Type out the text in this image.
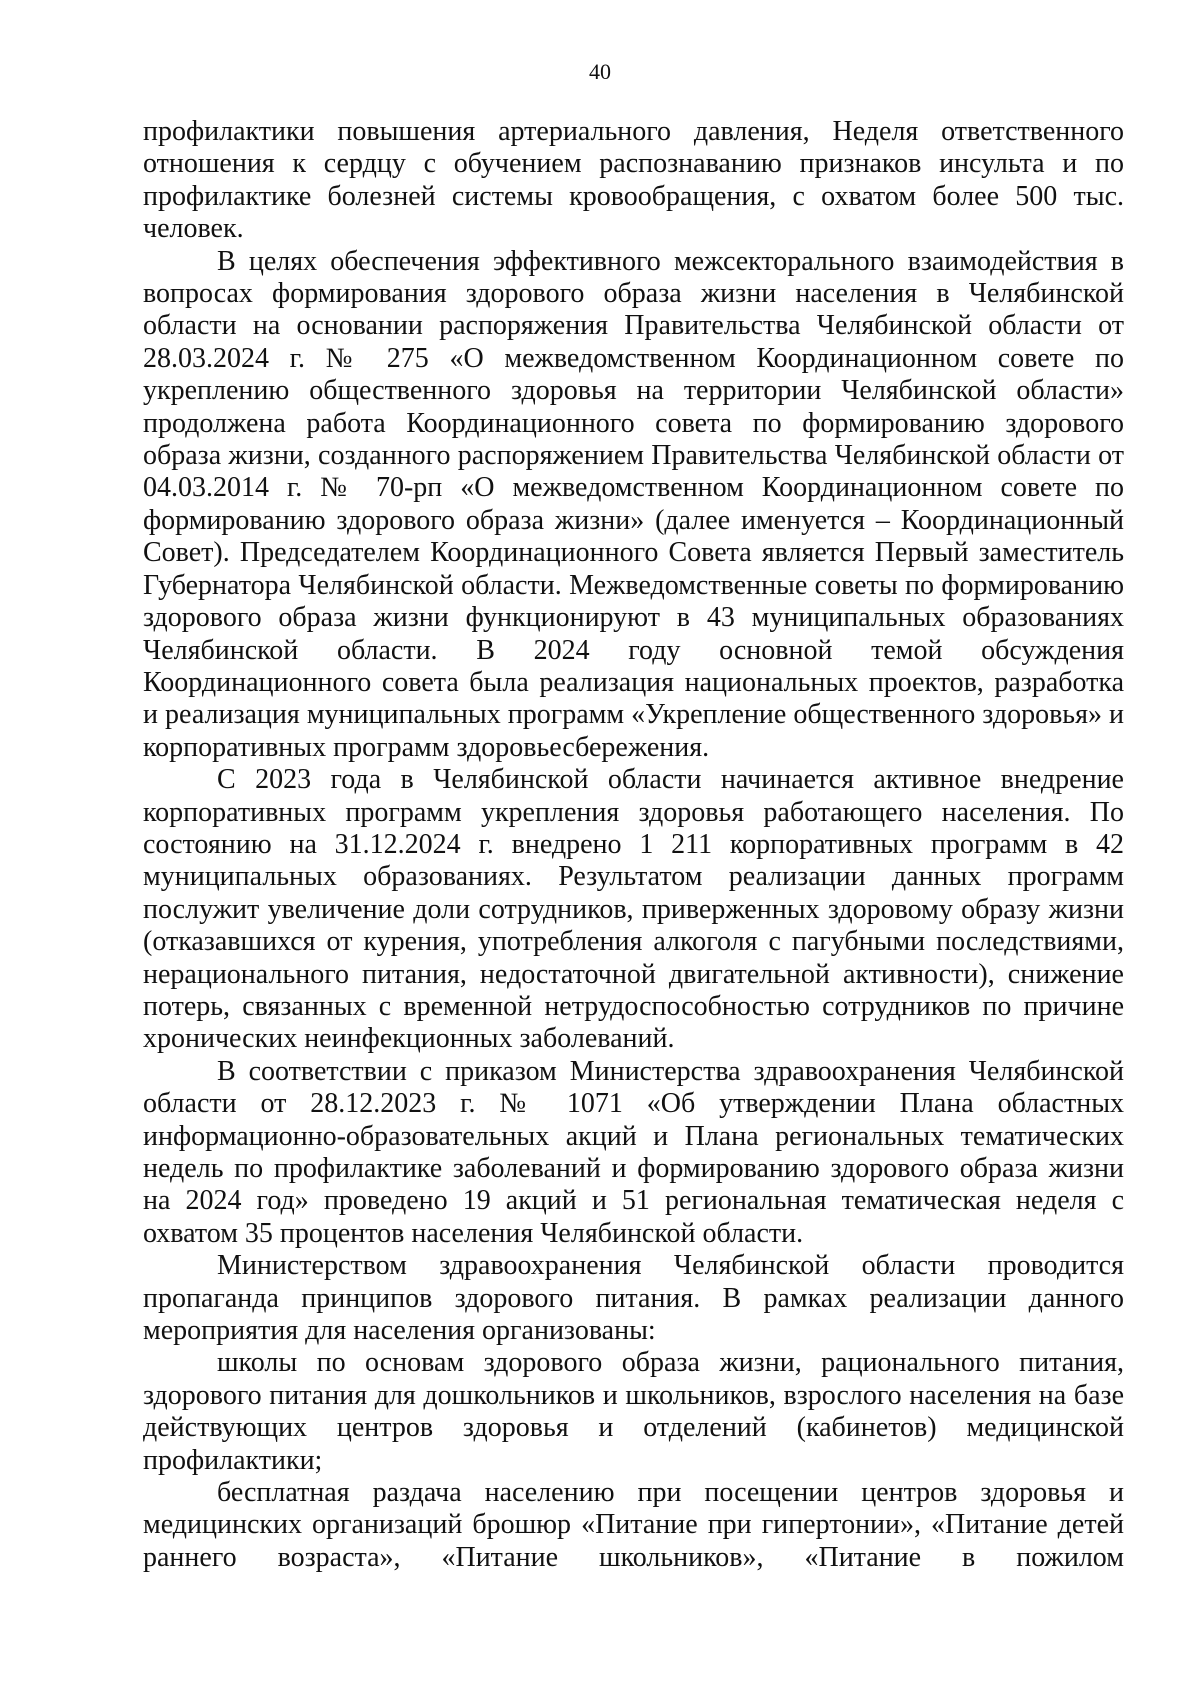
40

профилактики повышения артериального давления, Неделя ответственного отношения к сердцу с обучением распознаванию признаков инсульта и по профилактике болезней системы кровообращения, с охватом более 500 тыс. человек.

В целях обеспечения эффективного межсекторального взаимодействия в вопросах формирования здорового образа жизни населения в Челябинской области на основании распоряжения Правительства Челябинской области от 28.03.2024 г. № 275 «О межведомственном Координационном совете по укреплению общественного здоровья на территории Челябинской области» продолжена работа Координационного совета по формированию здорового образа жизни, созданного распоряжением Правительства Челябинской области от 04.03.2014 г. № 70-рп «О межведомственном Координационном совете по формированию здорового образа жизни» (далее именуется – Координационный Совет). Председателем Координационного Совета является Первый заместитель Губернатора Челябинской области. Межведомственные советы по формированию здорового образа жизни функционируют в 43 муниципальных образованиях Челябинской области. В 2024 году основной темой обсуждения Координационного совета была реализация национальных проектов, разработка и реализация муниципальных программ «Укрепление общественного здоровья» и корпоративных программ здоровьесбережения.

С 2023 года в Челябинской области начинается активное внедрение корпоративных программ укрепления здоровья работающего населения. По состоянию на 31.12.2024 г. внедрено 1 211 корпоративных программ в 42 муниципальных образованиях. Результатом реализации данных программ послужит увеличение доли сотрудников, приверженных здоровому образу жизни (отказавшихся от курения, употребления алкоголя с пагубными последствиями, нерационального питания, недостаточной двигательной активности), снижение потерь, связанных с временной нетрудоспособностью сотрудников по причине хронических неинфекционных заболеваний.

В соответствии с приказом Министерства здравоохранения Челябинской области от 28.12.2023 г. № 1071 «Об утверждении Плана областных информационно-образовательных акций и Плана региональных тематических недель по профилактике заболеваний и формированию здорового образа жизни на 2024 год» проведено 19 акций и 51 региональная тематическая неделя с охватом 35 процентов населения Челябинской области.

Министерством здравоохранения Челябинской области проводится пропаганда принципов здорового питания. В рамках реализации данного мероприятия для населения организованы:

школы по основам здорового образа жизни, рационального питания, здорового питания для дошкольников и школьников, взрослого населения на базе действующих центров здоровья и отделений (кабинетов) медицинской профилактики;

бесплатная раздача населению при посещении центров здоровья и медицинских организаций брошюр «Питание при гипертонии», «Питание детей раннего возраста», «Питание школьников», «Питание в пожилом
